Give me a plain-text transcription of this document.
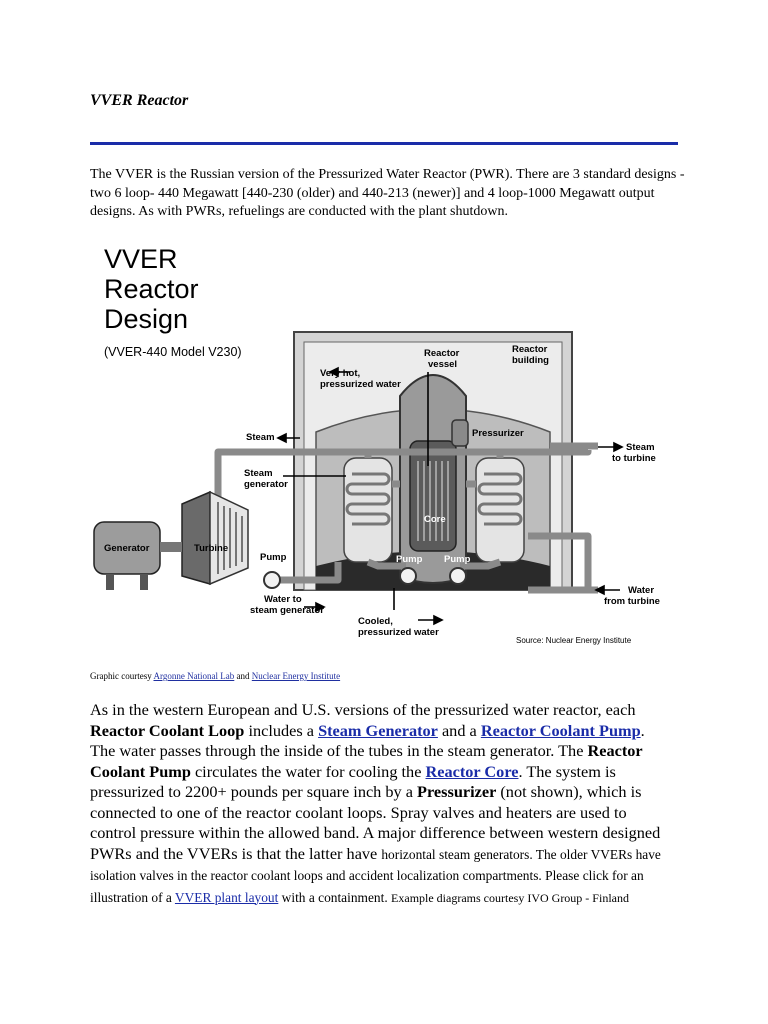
VVER Reactor

The VVER is the Russian version of the Pressurized Water Reactor (PWR). There are 3 standard designs - two 6 loop- 440 Megawatt [440-230 (older) and 440-213 (newer)] and 4 loop-1000 Megawatt output designs. As with PWRs, refuelings are conducted with the plant shutdown.

VVER
Reactor
Design
(VVER-440 Model V230)
Very hot,
pressurized water
Reactor
vessel
Reactor
building
Steam
Steam
generator
Pressurizer
Steam
to turbine
Generator	Turbine
Pump
Core
Pump Pump
Water
from turbine
Water to
steam generator
Cooled,
pressurized water
Source: Nuclear Energy Institute

Graphic courtesy Argonne National Lab and Nuclear Energy Institute

As in the western European and U.S. versions of the pressurized water reactor, each Reactor Coolant Loop includes a Steam Generator and a Reactor Coolant Pump. The water passes through the inside of the tubes in the steam generator. The Reactor Coolant Pump circulates the water for cooling the Reactor Core. The system is pressurized to 2200+ pounds per square inch by a Pressurizer (not shown), which is connected to one of the reactor coolant loops. Spray valves and heaters are used to control pressure within the allowed band. A major difference between western designed PWRs and the VVERs is that the latter have horizontal steam generators. The older VVERs have isolation valves in the reactor coolant loops and accident localization compartments. Please click for an illustration of a VVER plant layout with a containment. Example diagrams courtesy IVO Group - Finland
